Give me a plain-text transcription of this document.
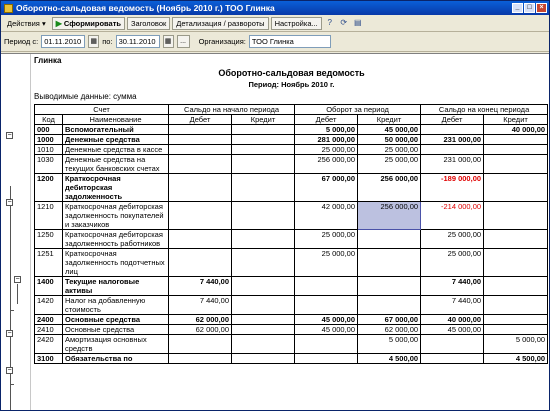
Оборотно-сальдовая ведомость (Ноябрь 2010 г.) ТОО Глинка	_	□	×
Действия ▾	▶ Сформировать	Заголовок	Детализация / развороты	Настройка...	?	⟳ ▤
Период с: 01.11.2010	▦ по: 30.11.2010	▦	...	Организация: ТОО Глинка
−
−
−
−
−
Глинка
Оборотно-сальдовая ведомость
Период: Ноябрь 2010 г.
Выводимые данные: сумма
Счет		Сальдо на начало периода		Оборот за период		Сальдо на конец периода	
Код	Наименование	Дебет	Кредит	Дебет	Кредит	Дебет	Кредит
000	Вспомогательный			5 000,00	45 000,00		40 000,00
1000	Денежные средства			281 000,00	50 000,00	231 000,00	
1010	Денежные средства в кассе			25 000,00	25 000,00		
1030	Денежные средства на текущих банковских счетах			256 000,00	25 000,00	231 000,00	
1200	Краткосрочная дебиторская задолженность			67 000,00	256 000,00	-189 000,00	
1210	Краткосрочная дебиторская задолженность покупателей и заказчиков			42 000,00	256 000,00	-214 000,00	
1250	Краткосрочная дебиторская задолженность работников			25 000,00		25 000,00	
1251	Краткосрочная задолженность подотчетных лиц			25 000,00		25 000,00	
1400	Текущие налоговые активы	7 440,00				7 440,00	
1420	Налог на добавленную стоимость	7 440,00				7 440,00	
2400	Основные средства	62 000,00		45 000,00	67 000,00	40 000,00	
2410	Основные средства	62 000,00		45 000,00	62 000,00	45 000,00	
2420	Амортизация основных средств				5 000,00		5 000,00
3100	Обязательства по				4 500,00		4 500,00
